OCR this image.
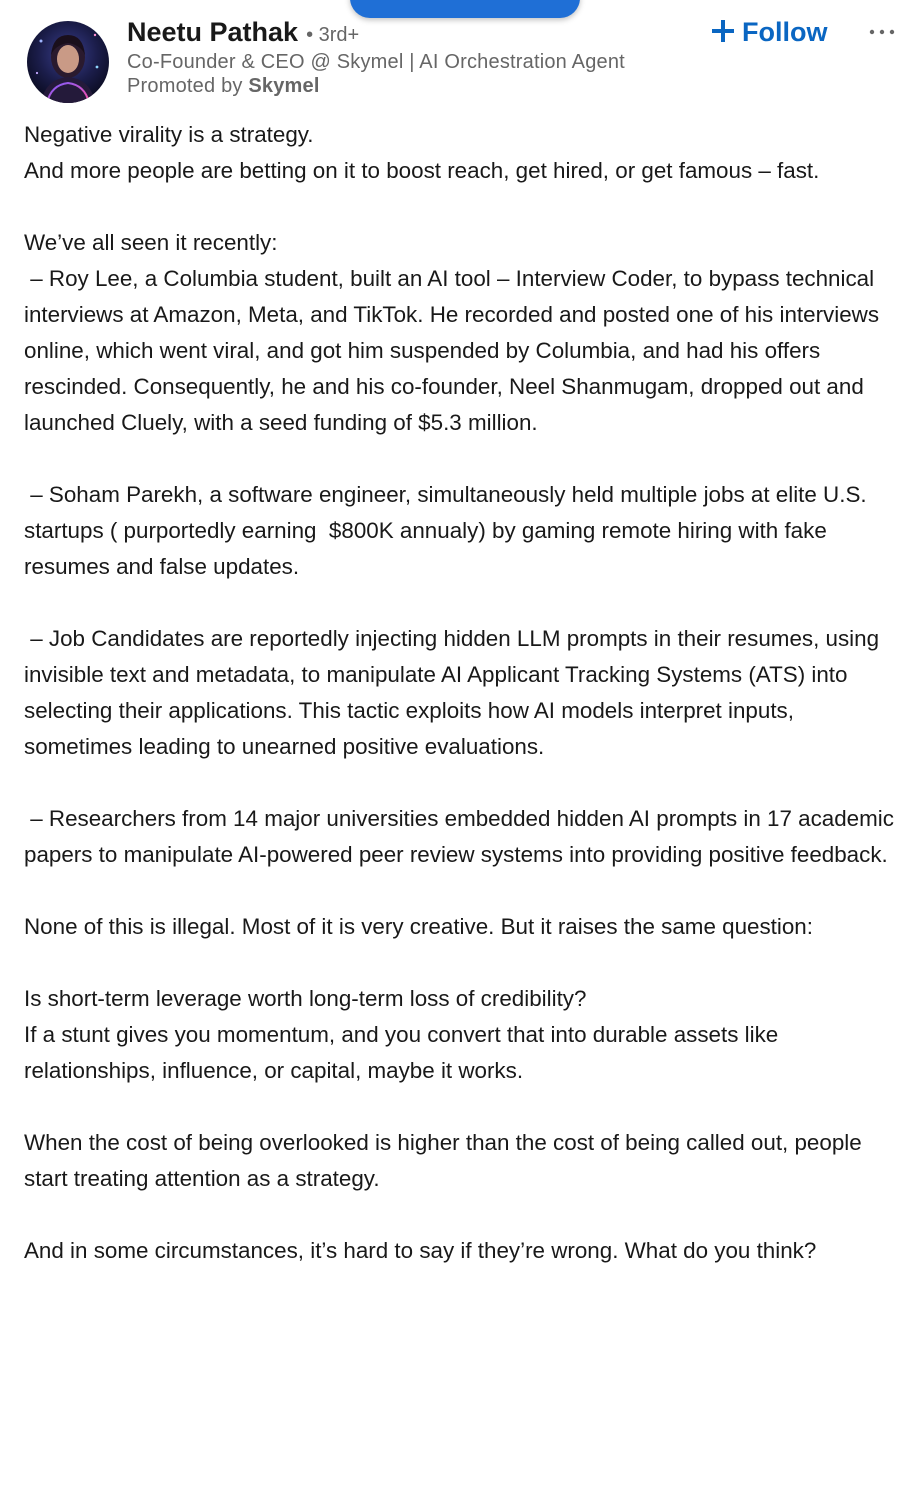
Neetu Pathak • 3rd+
Co-Founder & CEO @ Skymel | AI Orchestration Agent
Promoted by Skymel
Follow

Negative virality is a strategy.

And more people are betting on it to boost reach, get hired, or get famous – fast.

We’ve all seen it recently:

– Roy Lee, a Columbia student, built an AI tool – Interview Coder, to bypass technical interviews at Amazon, Meta, and TikTok. He recorded and posted one of his interviews online, which went viral, and got him suspended by Columbia, and had his offers rescinded. Consequently, he and his co-founder, Neel Shanmugam, dropped out and launched Cluely, with a seed funding of $5.3 million.

– Soham Parekh, a software engineer, simultaneously held multiple jobs at elite U.S. startups ( purportedly earning  $800K annualy) by gaming remote hiring with fake resumes and false updates.

– Job Candidates are reportedly injecting hidden LLM prompts in their resumes, using invisible text and metadata, to manipulate AI Applicant Tracking Systems (ATS) into selecting their applications. This tactic exploits how AI models interpret inputs, sometimes leading to unearned positive evaluations.

– Researchers from 14 major universities embedded hidden AI prompts in 17 academic papers to manipulate AI-powered peer review systems into providing positive feedback.

None of this is illegal. Most of it is very creative. But it raises the same question:

Is short-term leverage worth long-term loss of credibility?

If a stunt gives you momentum, and you convert that into durable assets like relationships, influence, or capital, maybe it works.

When the cost of being overlooked is higher than the cost of being called out, people start treating attention as a strategy.

And in some circumstances, it’s hard to say if they’re wrong. What do you think?
